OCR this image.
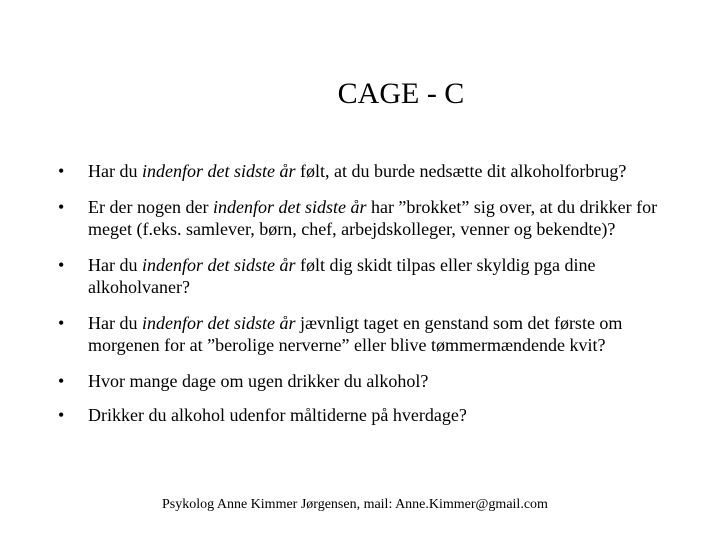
CAGE - C
• Har du indenfor det sidste år følt, at du burde nedsætte dit alkoholforbrug?
• Er der nogen der indenfor det sidste år har ”brokket” sig over, at du drikker for meget (f.eks. samlever, børn, chef, arbejdskolleger, venner og bekendte)?
• Har du indenfor det sidste år følt dig skidt tilpas eller skyldig pga dine alkoholvaner?
• Har du indenfor det sidste år jævnligt taget en genstand som det første om morgenen for at ”berolige nerverne” eller blive tømmermændende kvit?
• Hvor mange dage om ugen drikker du alkohol?
• Drikker du alkohol udenfor måltiderne på hverdage?
Psykolog Anne Kimmer Jørgensen, mail: Anne.Kimmer@gmail.com
